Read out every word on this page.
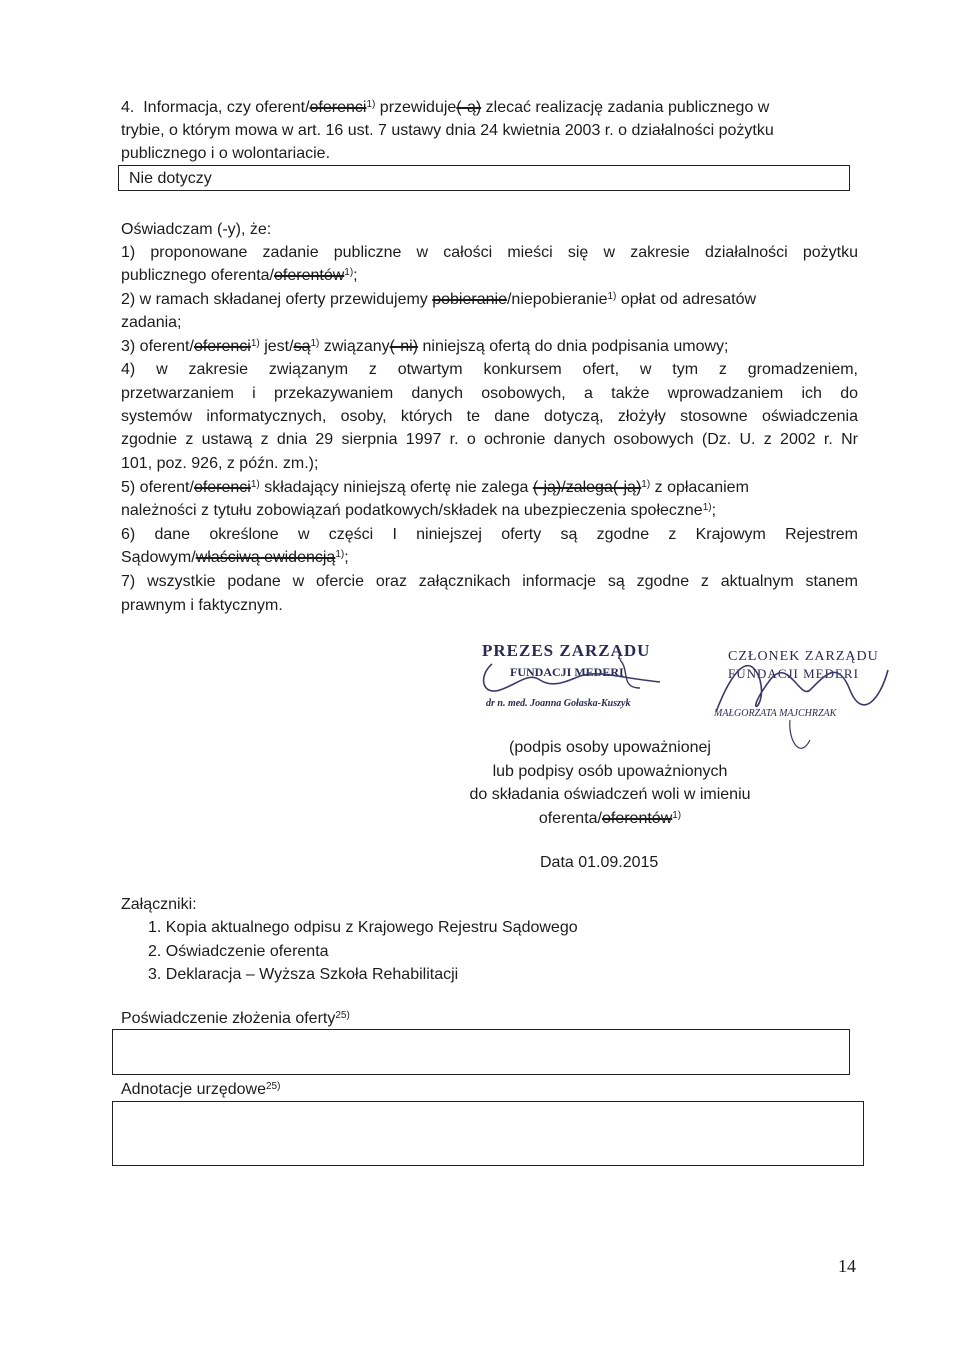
4. Informacja, czy oferent/oferenci$^{1)}$ przewiduje(-ą) zlecać realizację zadania publicznego w
trybie, o którym mowa w art. 16 ust. 7 ustawy dnia 24 kwietnia 2003 r. o działalności pożytku
publicznego i o wolontariacie.
Nie dotyczy
Oświadczam (-y), że:
1) proponowane zadanie publiczne w całości mieści się w zakresie działalności pożytku
publicznego oferenta/oferentów$^{1)}$;
2) w ramach składanej oferty przewidujemy pobieranie/niepobieranie$^{1)}$ opłat od adresatów
zadania;
3) oferent/oferenci$^{1)}$ jest/$są^{1)}$ związany(-ni) niniejszą ofertą do dnia podpisania umowy;
4) w zakresie związanym z otwartym konkursem ofert, w tym z gromadzeniem,
przetwarzaniem i przekazywaniem danych osobowych, a także wprowadzaniem ich do
systemów informatycznych, osoby, których te dane dotyczą, złożyły stosowne oświadczenia
zgodnie z ustawą z dnia 29 sierpnia 1997 r. o ochronie danych osobowych (Dz. U. z 2002 r. Nr
101, poz. 926, z późn. zm.);
5) oferent/oferenci$^{1)}$ składający niniejszą ofertę nie zalega (-ją)/zalega(-ją)$^{1)}$ z opłacaniem
należności z tytułu zobowiązań podatkowych/składek na ubezpieczenia społeczne$^{1)}$;
6) dane określone w części I niniejszej oferty są zgodne z Krajowym Rejestrem
Sądowym/właściwą ewidencją$^{1)}$;
7) wszystkie podane w ofercie oraz załącznikach informacje są zgodne z aktualnym stanem
prawnym i faktycznym.
PREZES ZARZĄDU
FUNDACJI MEDERI
dr n. med. Joanna Gołaska-Kuszyk
CZŁONEK ZARZĄDU
FUNDACJI MEDERI
MAŁGORZATA MAJCHRZAK
(podpis osoby upoważnionej
lub podpisy osób upoważnionych
do składania oświadczeń woli w imieniu
oferenta/oferentów$^{1)}$
Data 01.09.2015
Załączniki:
1. Kopia aktualnego odpisu z Krajowego Rejestru Sądowego
2. Oświadczenie oferenta
3. Deklaracja – Wyższa Szkoła Rehabilitacji
Poświadczenie złożenia oferty$^{25)}$
Adnotacje urzędowe$^{25)}$
14
